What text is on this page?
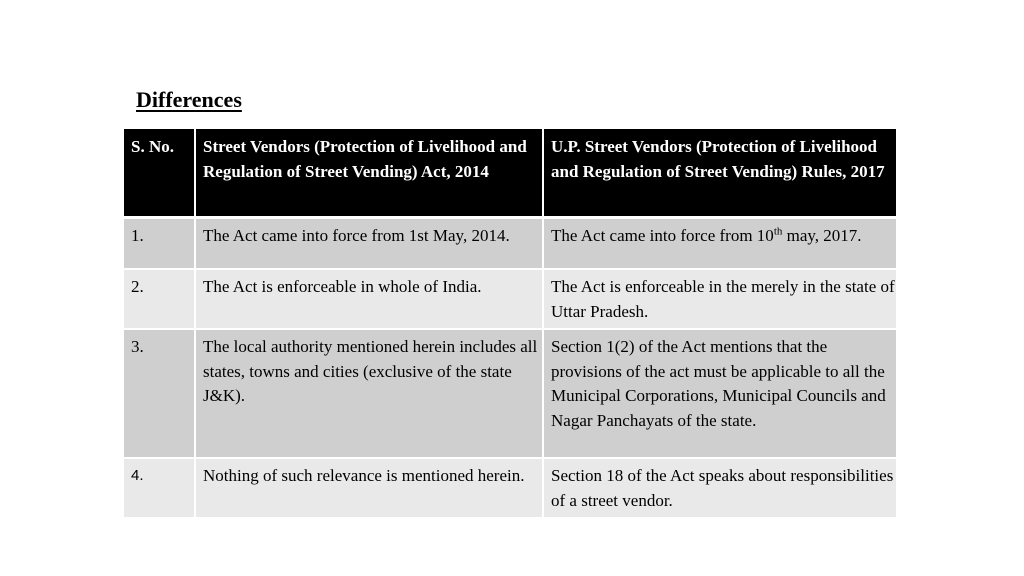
Differences
S. No.	Street Vendors (Protection of Livelihood and Regulation of Street Vending) Act, 2014	U.P. Street Vendors (Protection of Livelihood and Regulation of Street Vending) Rules, 2017
1.	The Act came into force from 1st May, 2014.	The Act came into force from 10th may, 2017.
2.	The Act is enforceable in whole of India.	The Act is enforceable in the merely in the state of Uttar Pradesh.
3.	The local authority mentioned herein includes all states, towns and cities (exclusive of the state J&K).	Section 1(2) of the Act mentions that the provisions of the act must be applicable to all the Municipal Corporations, Municipal Councils and Nagar Panchayats of the state.
4.	Nothing of such relevance is mentioned herein.	Section 18 of the Act speaks about responsibilities of a street vendor.
